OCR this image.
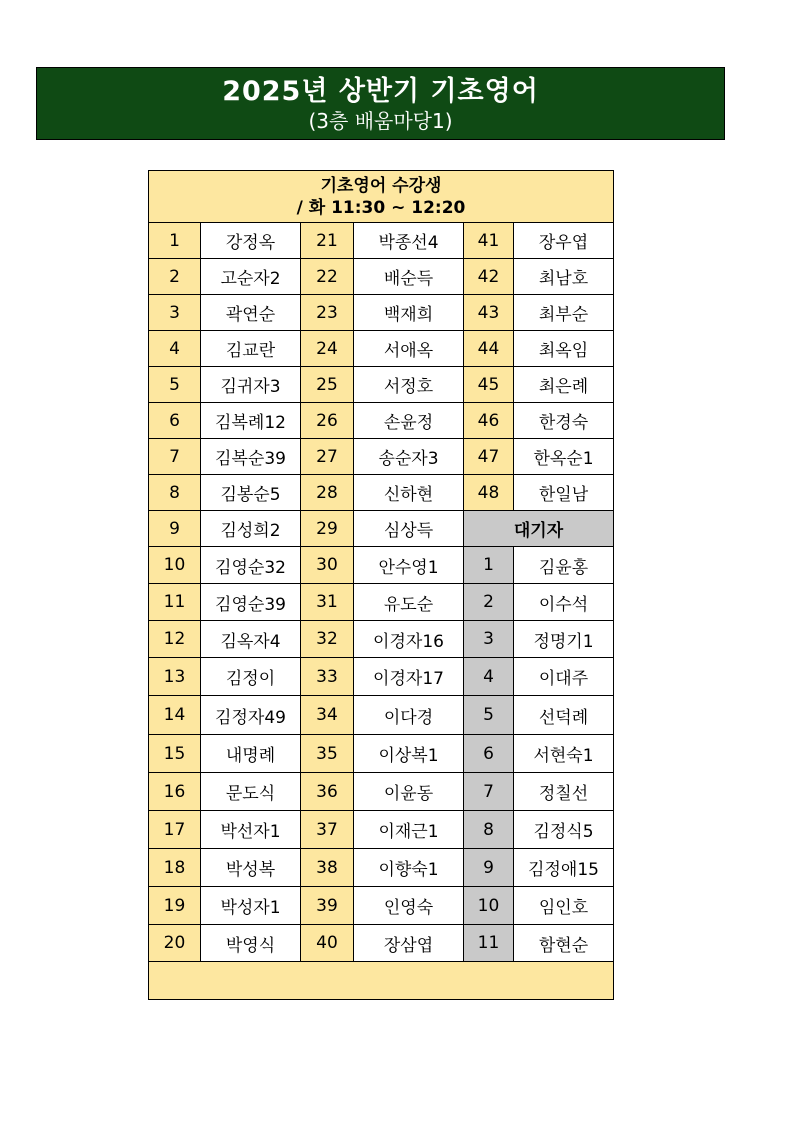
2025년 상반기 기초영어
(3층 배움마당1)
기초영어 수강생
/ 화 11:30 ~ 12:20					

1	강정옥	21	박종선4	41	장우엽
2	고순자2	22	배순득	42	최남호
3	곽연순	23	백재희	43	최부순
4	김교란	24	서애옥	44	최옥임
5	김귀자3	25	서정호	45	최은례
6	김복례12	26	손윤정	46	한경숙
7	김복순39	27	송순자3	47	한옥순1
8	김봉순5	28	신하현	48	한일남
9	김성희2	29	심상득	대기자	
10	김영순32	30	안수영1	1	김윤홍
11	김영순39	31	유도순	2	이수석
12	김옥자4	32	이경자16	3	정명기1
13	김정이	33	이경자17	4	이대주
14	김정자49	34	이다경	5	선덕례
15	내명례	35	이상복1	6	서현숙1
16	문도식	36	이윤동	7	정칠선
17	박선자1	37	이재근1	8	김정식5
18	박성복	38	이향숙1	9	김정애15
19	박성자1	39	인영숙	10	임인호
20	박영식	40	장삼엽	11	함현순
